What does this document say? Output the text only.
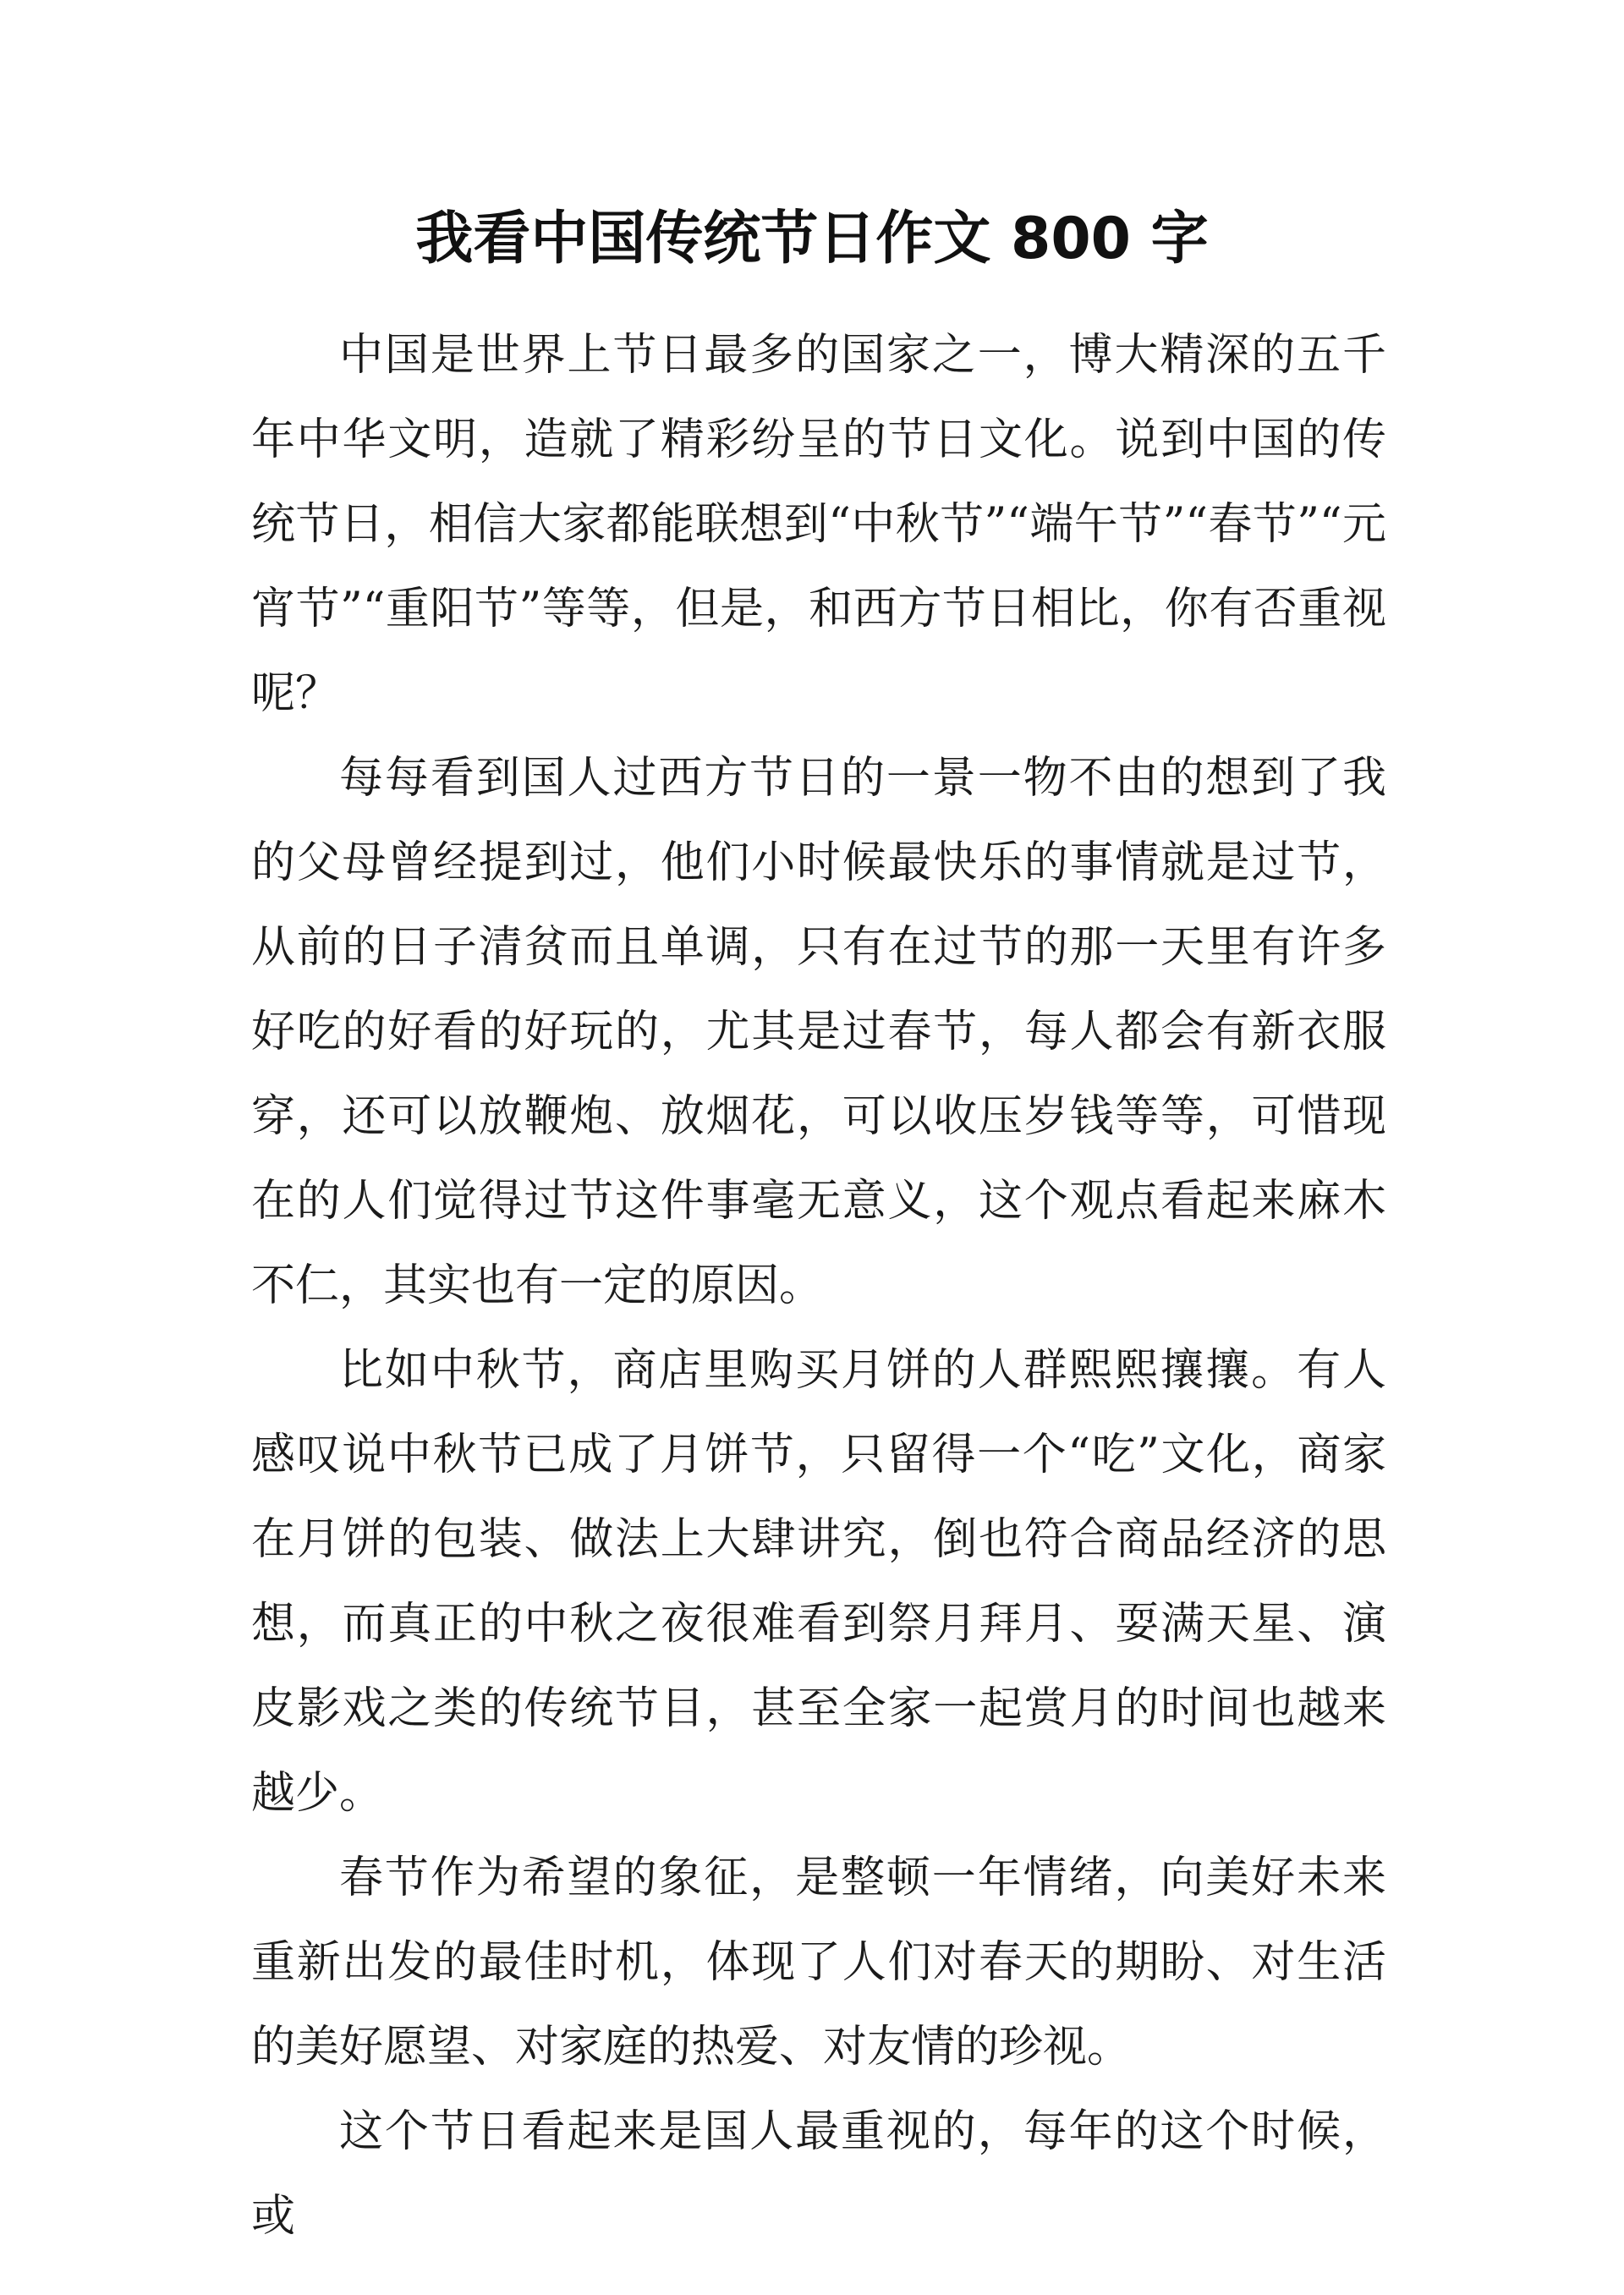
我看中国传统节日作文 800 字

中国是世界上节日最多的国家之一，博大精深的五千年中华文明，造就了精彩纷呈的节日文化。说到中国的传统节日，相信大家都能联想到“中秋节”“端午节”“春节”“元宵节”“重阳节”等等，但是，和西方节日相比，你有否重视呢？

每每看到国人过西方节日的一景一物不由的想到了我的父母曾经提到过，他们小时候最快乐的事情就是过节，从前的日子清贫而且单调，只有在过节的那一天里有许多好吃的好看的好玩的，尤其是过春节，每人都会有新衣服穿，还可以放鞭炮、放烟花，可以收压岁钱等等，可惜现在的人们觉得过节这件事毫无意义，这个观点看起来麻木不仁，其实也有一定的原因。

比如中秋节，商店里购买月饼的人群熙熙攘攘。有人感叹说中秋节已成了月饼节，只留得一个“吃”文化，商家在月饼的包装、做法上大肆讲究，倒也符合商品经济的思想，而真正的中秋之夜很难看到祭月拜月、耍满天星、演皮影戏之类的传统节目，甚至全家一起赏月的时间也越来越少。

春节作为希望的象征，是整顿一年情绪，向美好未来重新出发的最佳时机，体现了人们对春天的期盼、对生活的美好愿望、对家庭的热爱、对友情的珍视。

这个节日看起来是国人最重视的，每年的这个时候，或
